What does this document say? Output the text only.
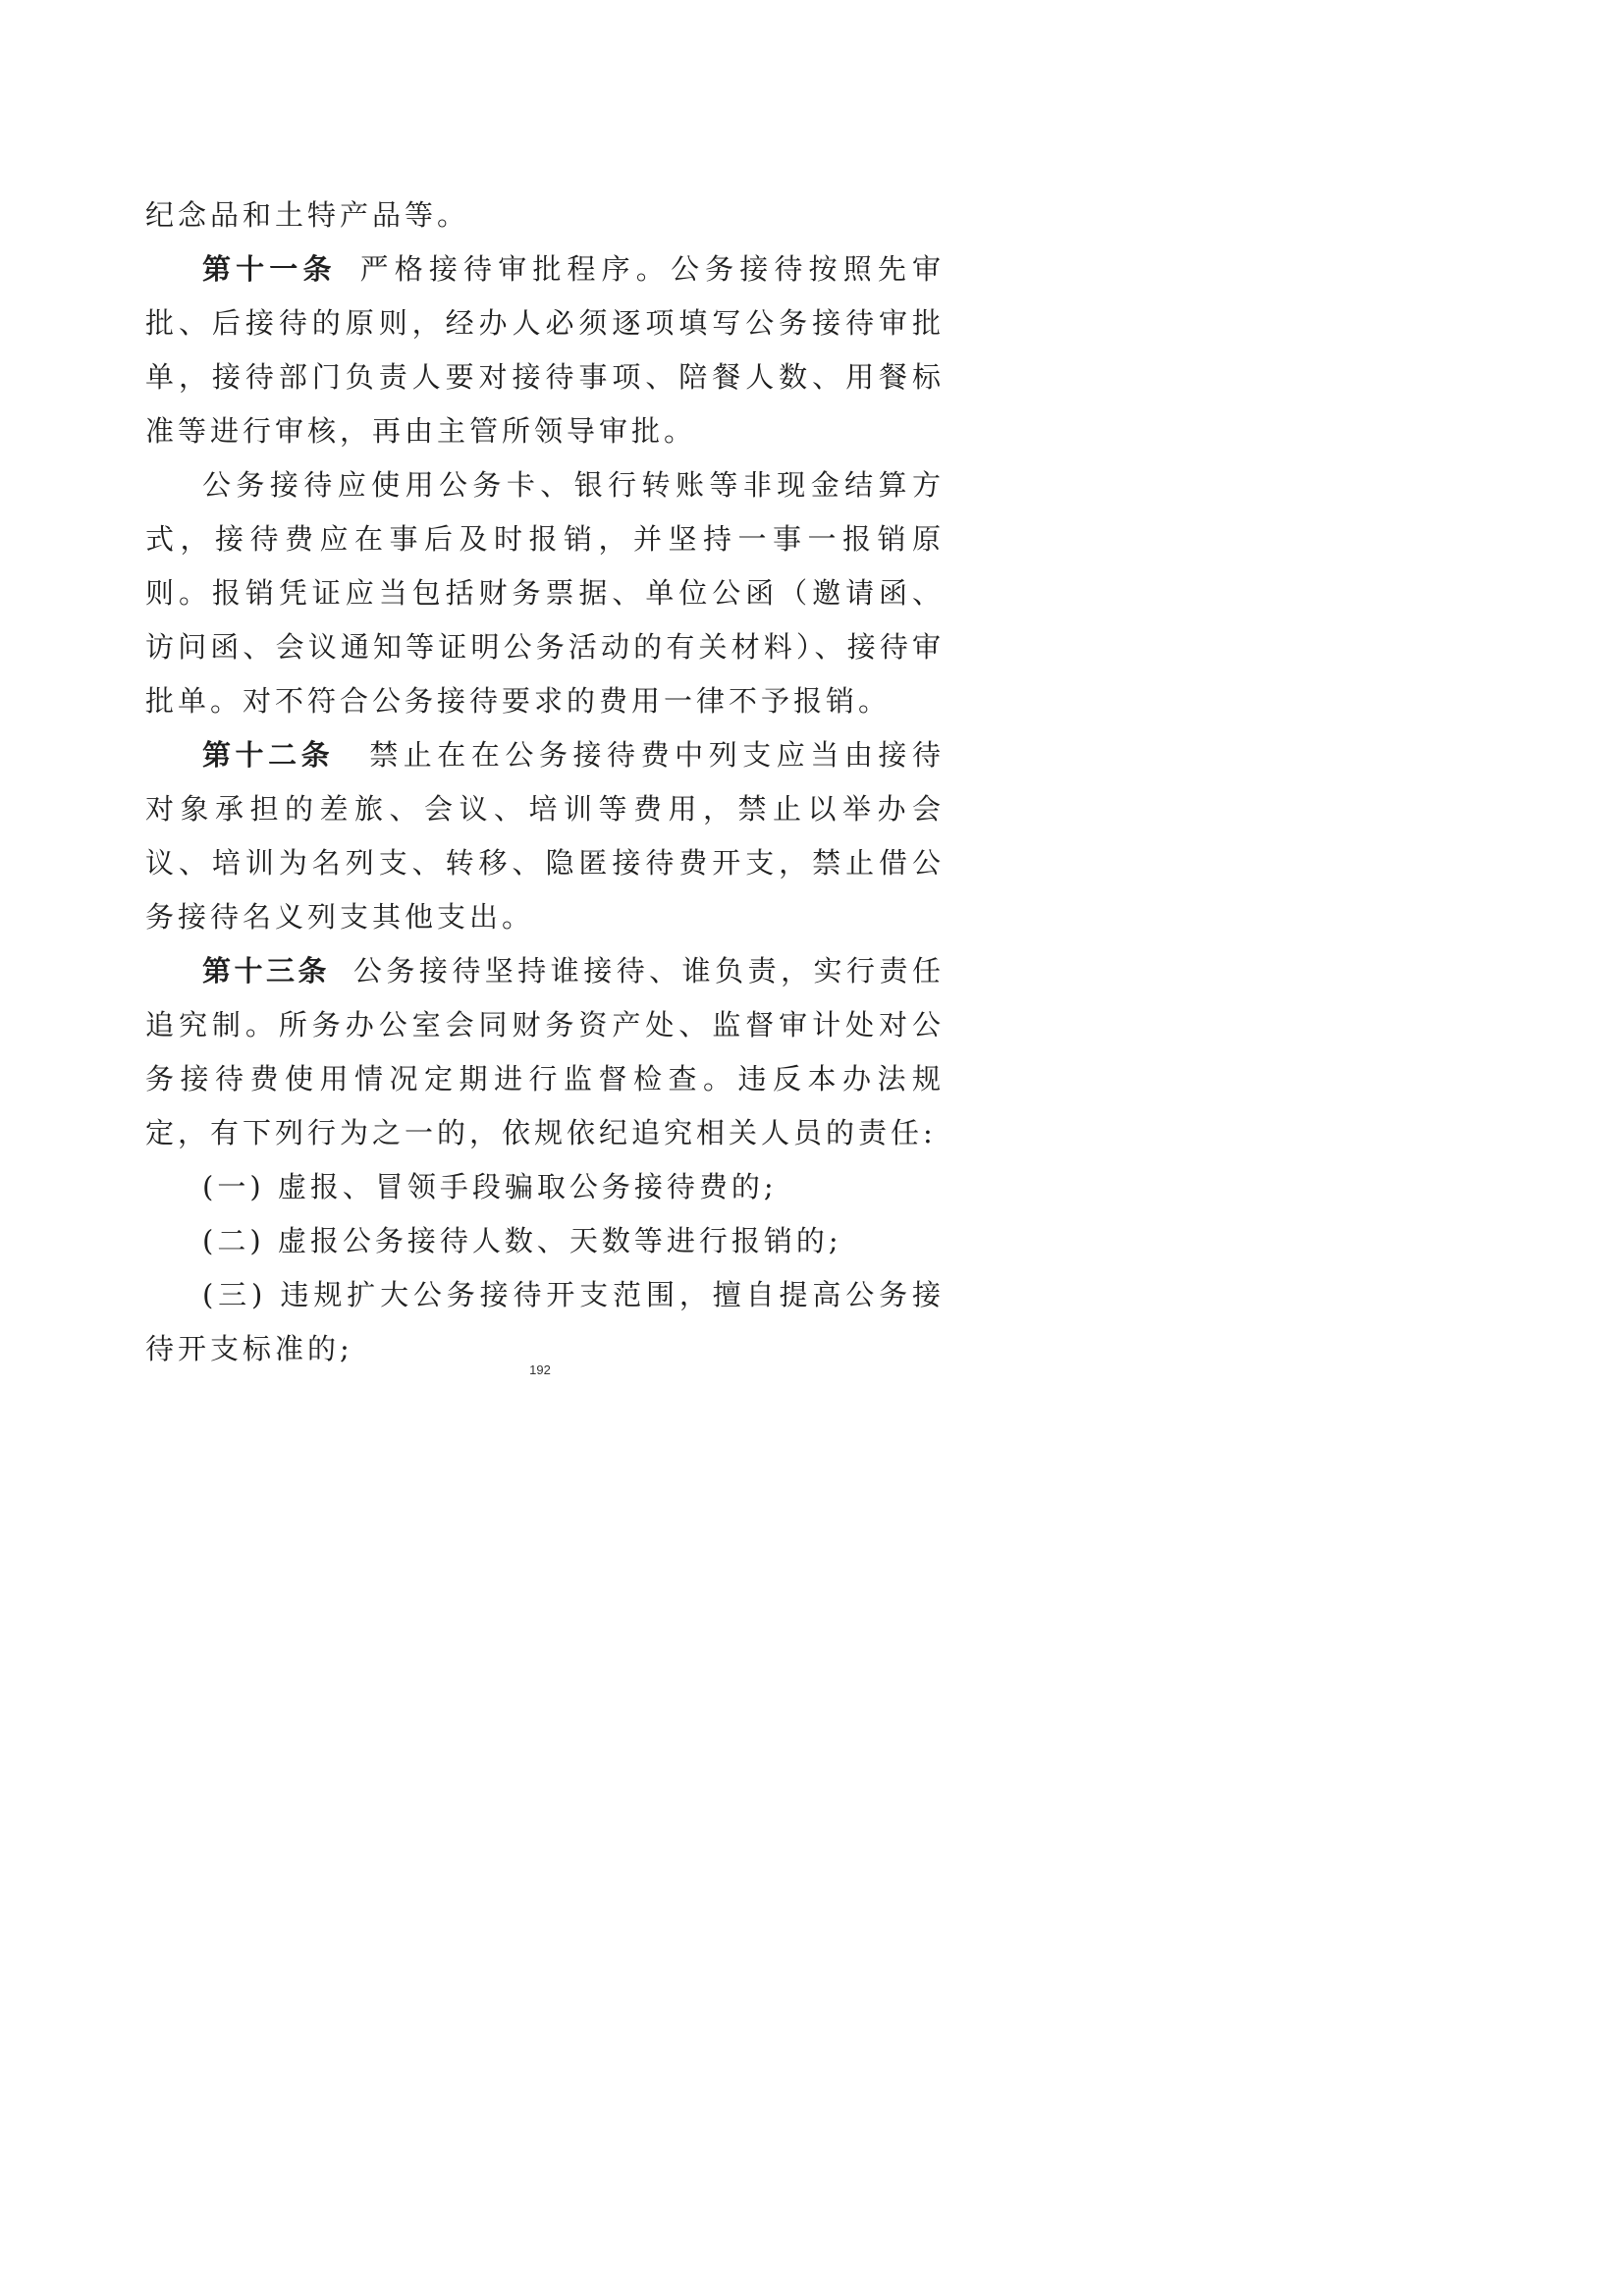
纪念品和土特产品等。

第十一条 严格接待审批程序。公务接待按照先审批、后接待的原则，经办人必须逐项填写公务接待审批单，接待部门负责人要对接待事项、陪餐人数、用餐标准等进行审核，再由主管所领导审批。

公务接待应使用公务卡、银行转账等非现金结算方式，接待费应在事后及时报销，并坚持一事一报销原则。报销凭证应当包括财务票据、单位公函（邀请函、访问函、会议通知等证明公务活动的有关材料）、接待审批单。对不符合公务接待要求的费用一律不予报销。

第十二条 禁止在在公务接待费中列支应当由接待对象承担的差旅、会议、培训等费用，禁止以举办会议、培训为名列支、转移、隐匿接待费开支，禁止借公务接待名义列支其他支出。

第十三条 公务接待坚持谁接待、谁负责，实行责任追究制。所务办公室会同财务资产处、监督审计处对公务接待费使用情况定期进行监督检查。违反本办法规定，有下列行为之一的，依规依纪追究相关人员的责任:

(一) 虚报、冒领手段骗取公务接待费的;

(二) 虚报公务接待人数、天数等进行报销的;

(三) 违规扩大公务接待开支范围，擅自提高公务接待开支标准的;

192
